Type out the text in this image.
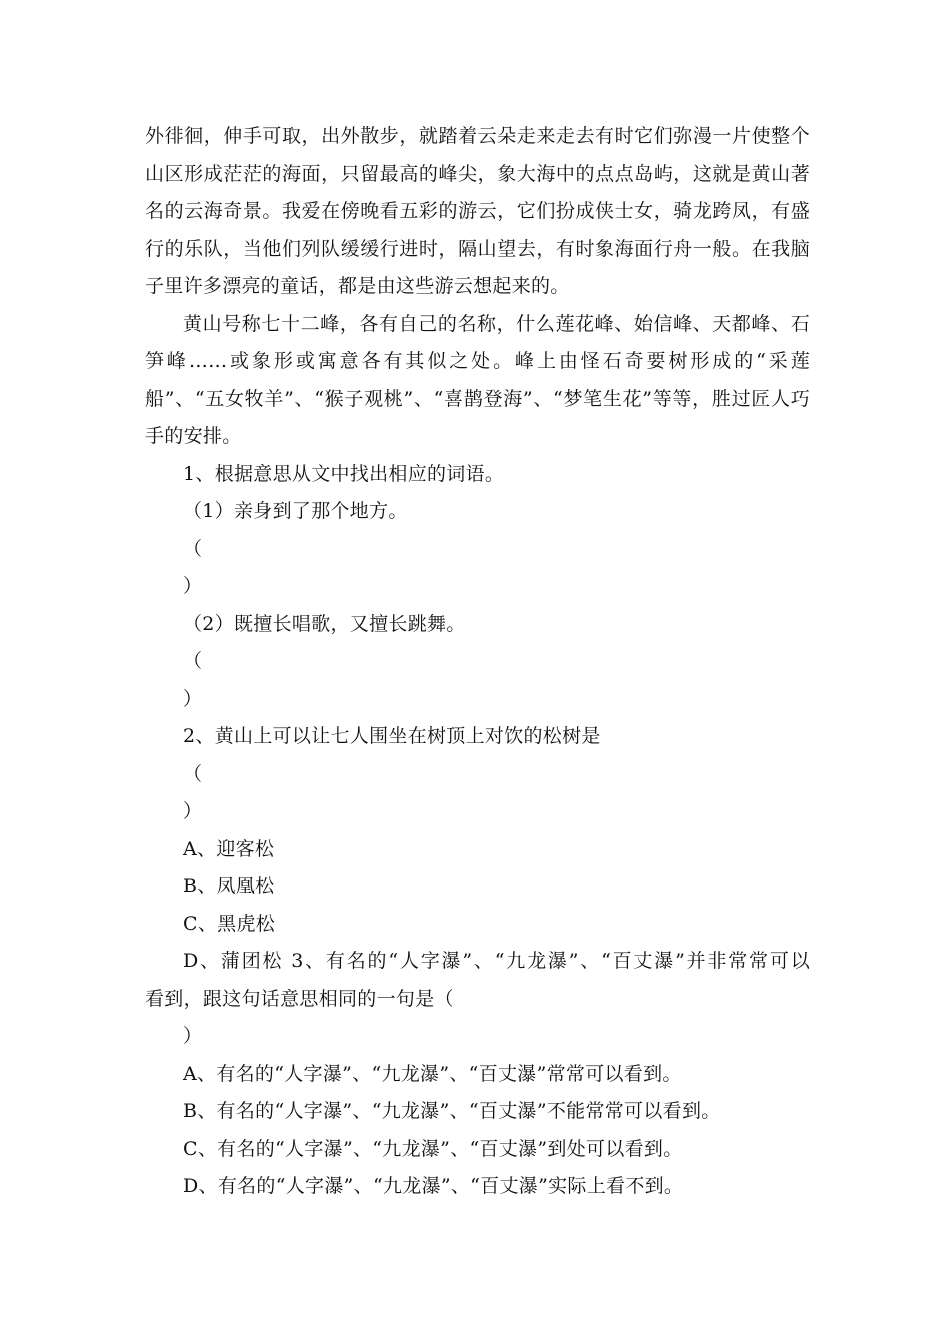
外徘徊，伸手可取，出外散步，就踏着云朵走来走去有时它们弥漫一片使整个山区形成茫茫的海面，只留最高的峰尖，象大海中的点点岛屿，这就是黄山著名的云海奇景。我爱在傍晚看五彩的游云，它们扮成侠士女，骑龙跨凤，有盛行的乐队，当他们列队缓缓行进时，隔山望去，有时象海面行舟一般。在我脑子里许多漂亮的童话，都是由这些游云想起来的。

黄山号称七十二峰，各有自己的名称，什么莲花峰、始信峰、天都峰、石笋峰……或象形或寓意各有其似之处。峰上由怪石奇要树形成的“采莲船”、“五女牧羊”、“猴子观桃”、“喜鹊登海”、“梦笔生花”等等，胜过匠人巧手的安排。

1、根据意思从文中找出相应的词语。

（1）亲身到了那个地方。

（

）

（2）既擅长唱歌，又擅长跳舞。

（

）

2、黄山上可以让七人围坐在树顶上对饮的松树是

（

）

A、迎客松

B、凤凰松

C、黑虎松

D、蒲团松 3、有名的“人字瀑”、“九龙瀑”、“百丈瀑”并非常常可以

看到，跟这句话意思相同的一句是（

）

A、有名的“人字瀑”、“九龙瀑”、“百丈瀑”常常可以看到。

B、有名的“人字瀑”、“九龙瀑”、“百丈瀑”不能常常可以看到。

C、有名的“人字瀑”、“九龙瀑”、“百丈瀑”到处可以看到。

D、有名的“人字瀑”、“九龙瀑”、“百丈瀑”实际上看不到。
